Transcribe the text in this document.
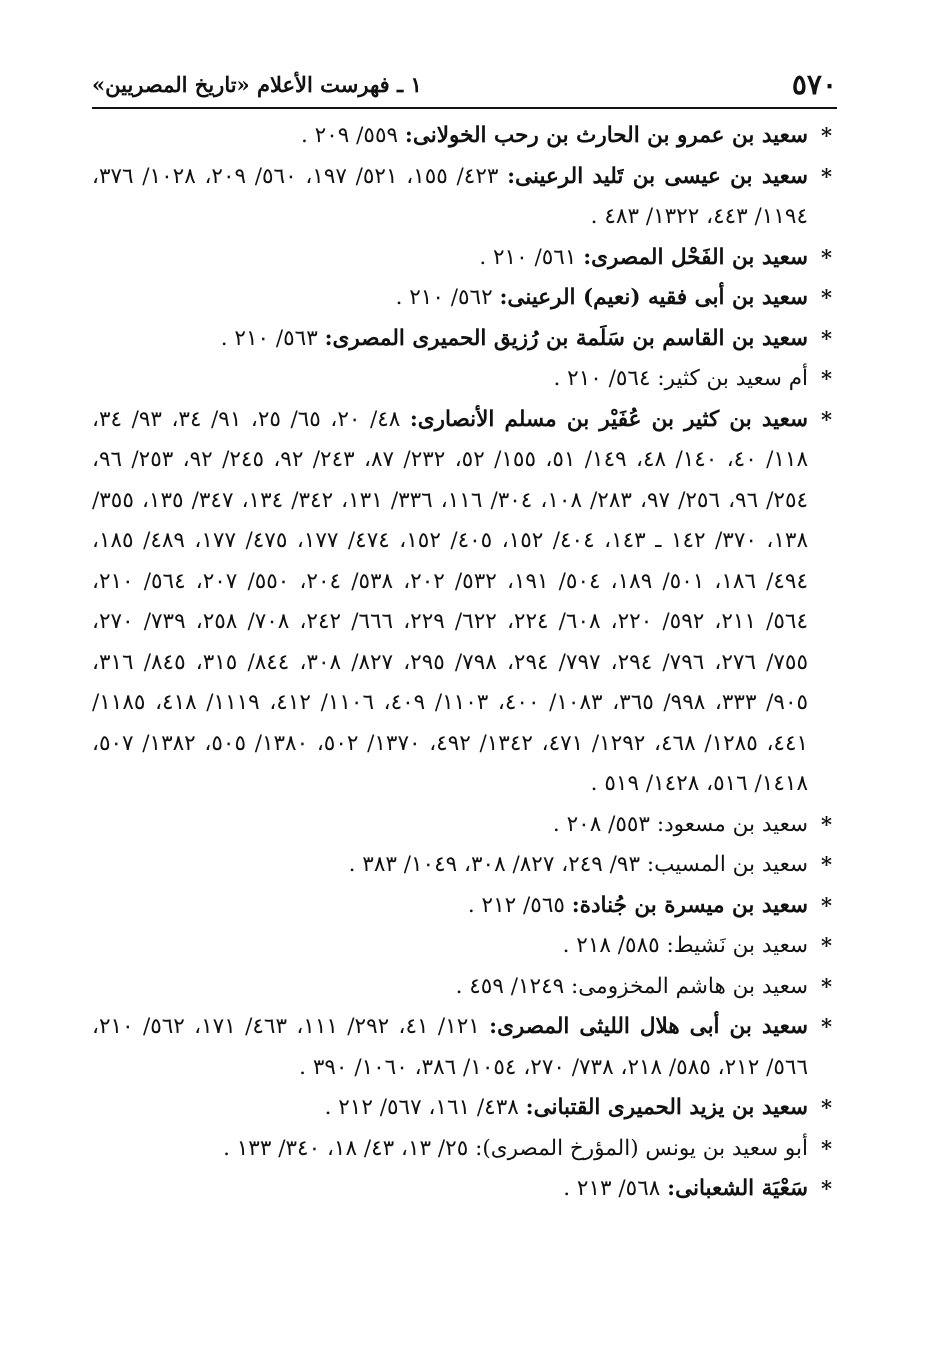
٥٧٠
١ ـ فهرست الأعلام «تاريخ المصريين»
*
سعيد بن عمرو بن الحارث بن رحب الخولانى: ٥٥٩/ ٢٠٩ .
*
سعيد بن عيسى بن تَليد الرعينى: ٤٢٣/ ١٥٥، ٥٢١/ ١٩٧، ٥٦٠/ ٢٠٩، ١٠٢٨/ ٣٧٦، ١١٩٤/ ٤٤٣، ١٣٢٢/ ٤٨٣ .
*
سعيد بن الفَحْل المصرى: ٥٦١/ ٢١٠ .
*
سعيد بن أبى فقيه (نعيم) الرعينى: ٥٦٢/ ٢١٠ .
*
سعيد بن القاسم بن سَلَمة بن رُزيق الحميرى المصرى: ٥٦٣/ ٢١٠ .
*
أم سعيد بن كثير: ٥٦٤/ ٢١٠ .
*
سعيد بن كثير بن عُفَيْر بن مسلم الأنصارى: ٤٨/ ٢٠، ٦٥/ ٢٥، ٩١/ ٣٤، ٩٣/ ٣٤، ١١٨/ ٤٠، ١٤٠/ ٤٨، ١٤٩/ ٥١، ١٥٥/ ٥٢، ٢٣٢/ ٨٧، ٢٤٣/ ٩٢، ٢٤٥/ ٩٢، ٢٥٣/ ٩٦، ٢٥٤/ ٩٦، ٢٥٦/ ٩٧، ٢٨٣/ ١٠٨، ٣٠٤/ ١١٦، ٣٣٦/ ١٣١، ٣٤٢/ ١٣٤، ٣٤٧/ ١٣٥، ٣٥٥/ ١٣٨، ٣٧٠/ ١٤٢ ـ ١٤٣، ٤٠٤/ ١٥٢، ٤٠٥/ ١٥٢، ٤٧٤/ ١٧٧، ٤٧٥/ ١٧٧، ٤٨٩/ ١٨٥، ٤٩٤/ ١٨٦، ٥٠١/ ١٨٩، ٥٠٤/ ١٩١، ٥٣٢/ ٢٠٢، ٥٣٨/ ٢٠٤، ٥٥٠/ ٢٠٧، ٥٦٤/ ٢١٠، ٥٦٤/ ٢١١، ٥٩٢/ ٢٢٠، ٦٠٨/ ٢٢٤، ٦٢٢/ ٢٢٩، ٦٦٦/ ٢٤٢، ٧٠٨/ ٢٥٨، ٧٣٩/ ٢٧٠، ٧٥٥/ ٢٧٦، ٧٩٦/ ٢٩٤، ٧٩٧/ ٢٩٤، ٧٩٨/ ٢٩٥، ٨٢٧/ ٣٠٨، ٨٤٤/ ٣١٥، ٨٤٥/ ٣١٦، ٩٠٥/ ٣٣٣، ٩٩٨/ ٣٦٥، ١٠٨٣/ ٤٠٠، ١١٠٣/ ٤٠٩، ١١٠٦/ ٤١٢، ١١١٩/ ٤١٨، ١١٨٥/ ٤٤١، ١٢٨٥/ ٤٦٨، ١٢٩٢/ ٤٧١، ١٣٤٢/ ٤٩٢، ١٣٧٠/ ٥٠٢، ١٣٨٠/ ٥٠٥، ١٣٨٢/ ٥٠٧، ١٤١٨/ ٥١٦، ١٤٢٨/ ٥١٩ .
*
سعيد بن مسعود: ٥٥٣/ ٢٠٨ .
*
سعيد بن المسيب: ٩٣/ ٢٤٩، ٨٢٧/ ٣٠٨، ١٠٤٩/ ٣٨٣ .
*
سعيد بن ميسرة بن جُنادة: ٥٦٥/ ٢١٢ .
*
سعيد بن نَشيط: ٥٨٥/ ٢١٨ .
*
سعيد بن هاشم المخزومى: ١٢٤٩/ ٤٥٩ .
*
سعيد بن أبى هلال الليثى المصرى: ١٢١/ ٤١، ٢٩٢/ ١١١، ٤٦٣/ ١٧١، ٥٦٢/ ٢١٠، ٥٦٦/ ٢١٢، ٥٨٥/ ٢١٨، ٧٣٨/ ٢٧٠، ١٠٥٤/ ٣٨٦، ١٠٦٠/ ٣٩٠ .
*
سعيد بن يزيد الحميرى القتبانى: ٤٣٨/ ١٦١، ٥٦٧/ ٢١٢ .
*
أبو سعيد بن يونس (المؤرخ المصرى): ٢٥/ ١٣، ٤٣/ ١٨، ٣٤٠/ ١٣٣ .
*
سَعْيَة الشعبانى: ٥٦٨/ ٢١٣ .
